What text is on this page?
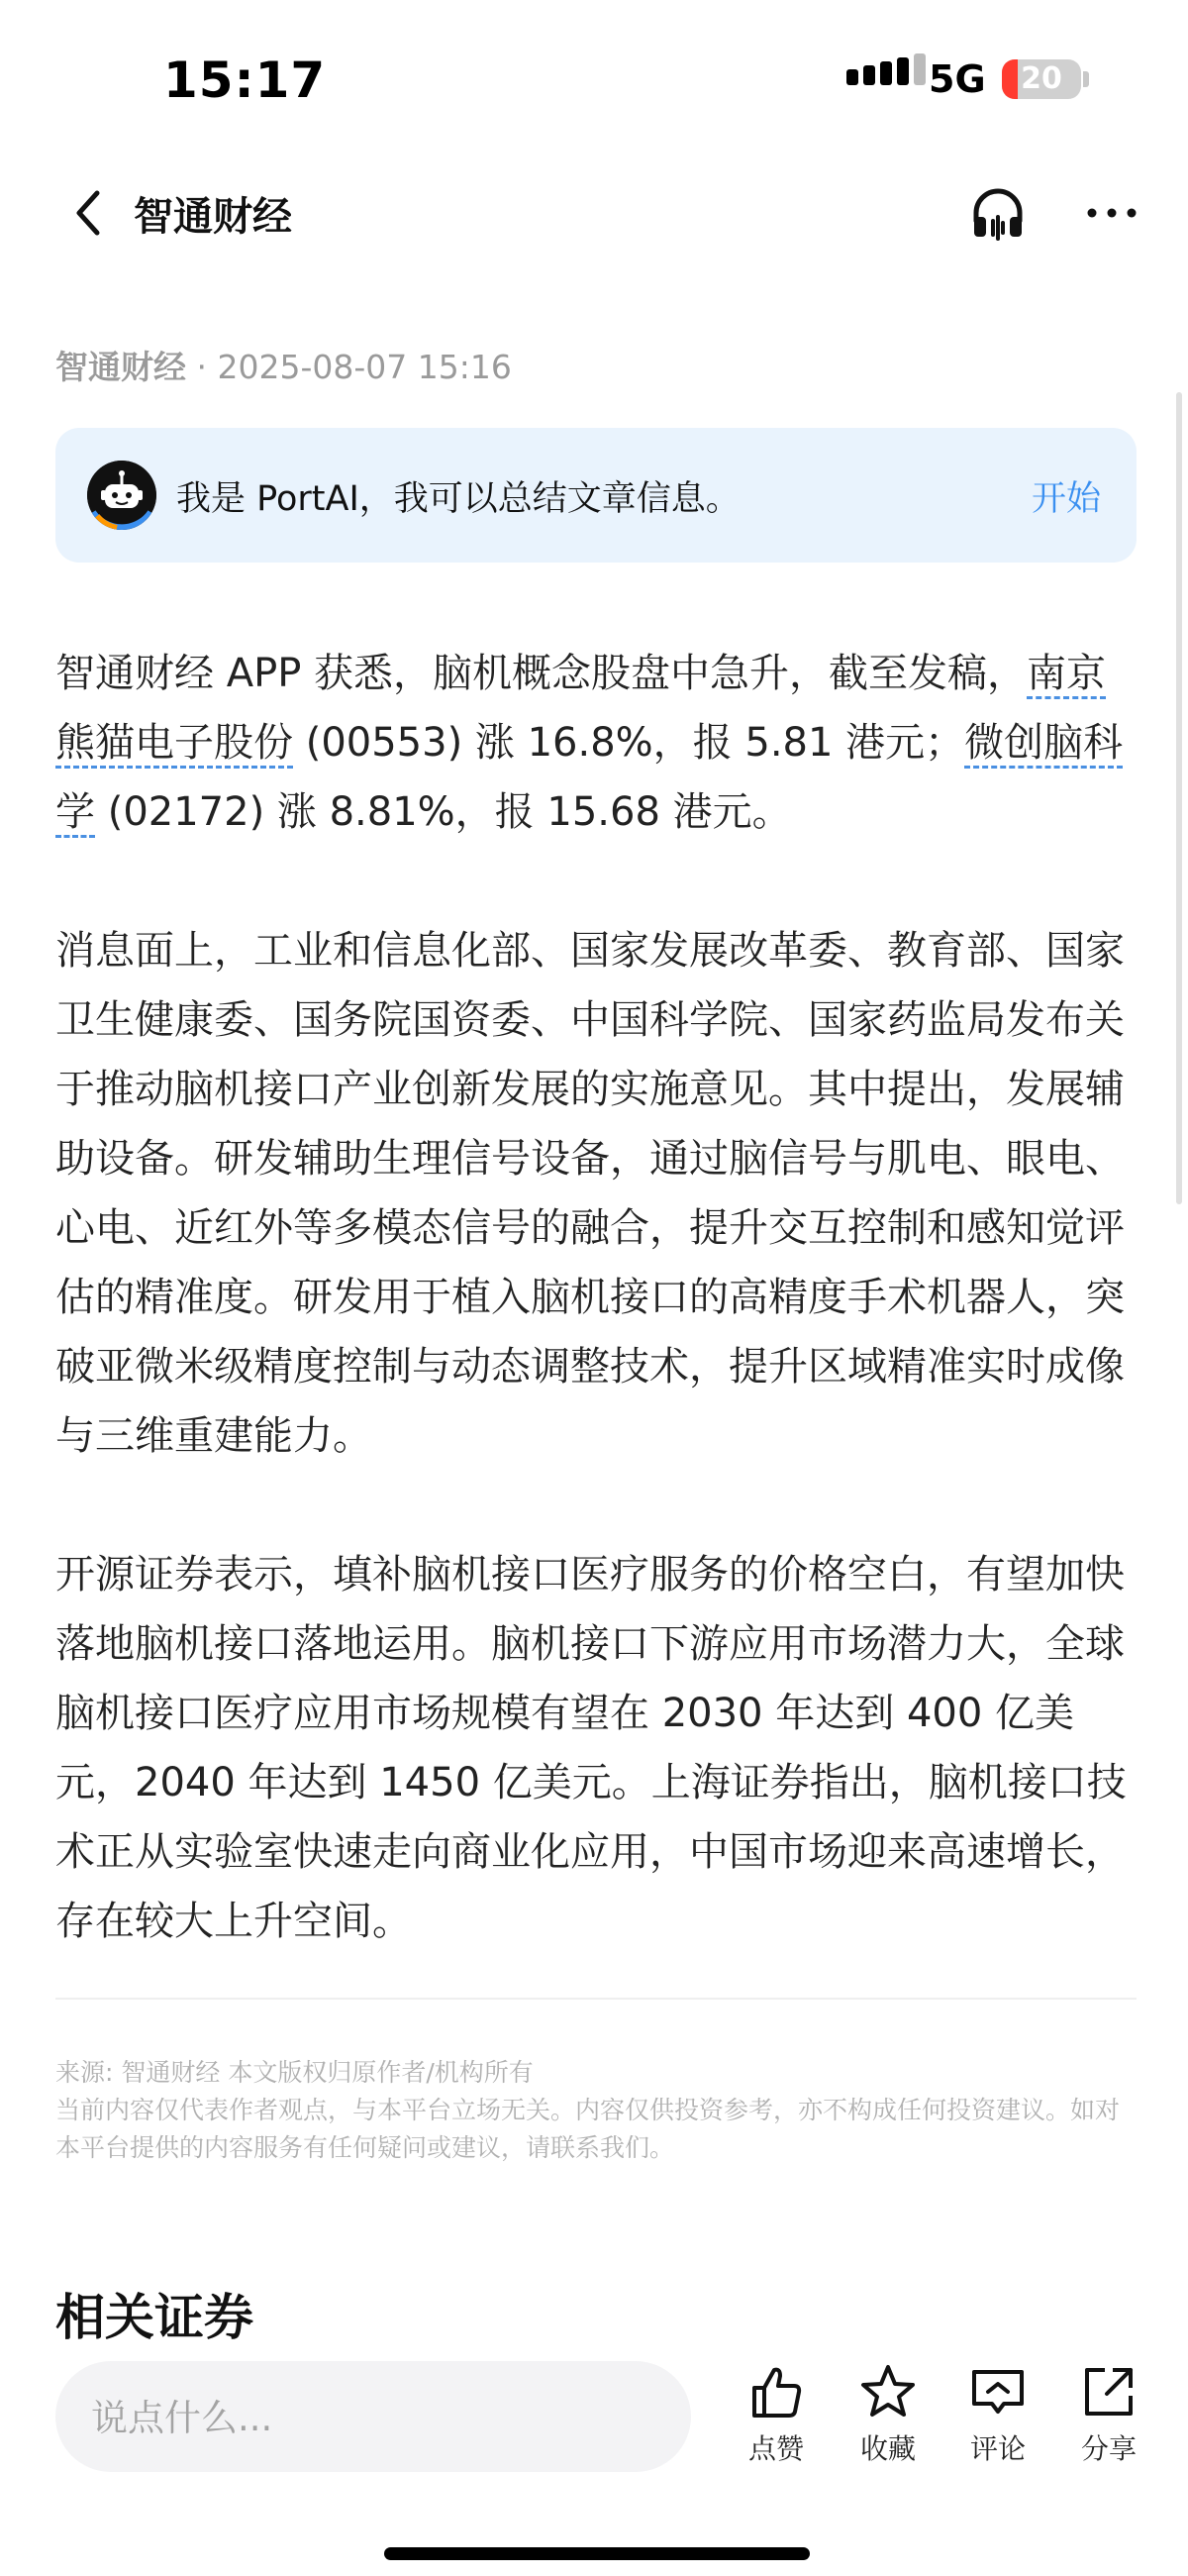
15:17	5G	20
智通财经
智通财经 · 2025-08-07 15:16
我是 PortAI，我可以总结文章信息。	开始

智通财经 APP 获悉，脑机概念股盘中急升，截至发稿，南京熊猫电子股份 (00553) 涨 16.8%，报 5.81 港元；微创脑科学 (02172) 涨 8.81%，报 15.68 港元。

消息面上，工业和信息化部、国家发展改革委、教育部、国家卫生健康委、国务院国资委、中国科学院、国家药监局发布关于推动脑机接口产业创新发展的实施意见。其中提出，发展辅助设备。研发辅助生理信号设备，通过脑信号与肌电、眼电、心电、近红外等多模态信号的融合，提升交互控制和感知觉评估的精准度。研发用于植入脑机接口的高精度手术机器人，突破亚微米级精度控制与动态调整技术，提升区域精准实时成像与三维重建能力。

开源证券表示，填补脑机接口医疗服务的价格空白，有望加快落地脑机接口落地运用。脑机接口下游应用市场潜力大，全球脑机接口医疗应用市场规模有望在 2030 年达到 400 亿美元，2040 年达到 1450 亿美元。上海证券指出，脑机接口技术正从实验室快速走向商业化应用，中国市场迎来高速增长，存在较大上升空间。

来源: 智通财经 本文版权归原作者/机构所有
当前内容仅代表作者观点，与本平台立场无关。内容仅供投资参考，亦不构成任何投资建议。如对本平台提供的内容服务有任何疑问或建议，请联系我们。
相关证券
说点什么...
点赞	收藏	评论	分享
